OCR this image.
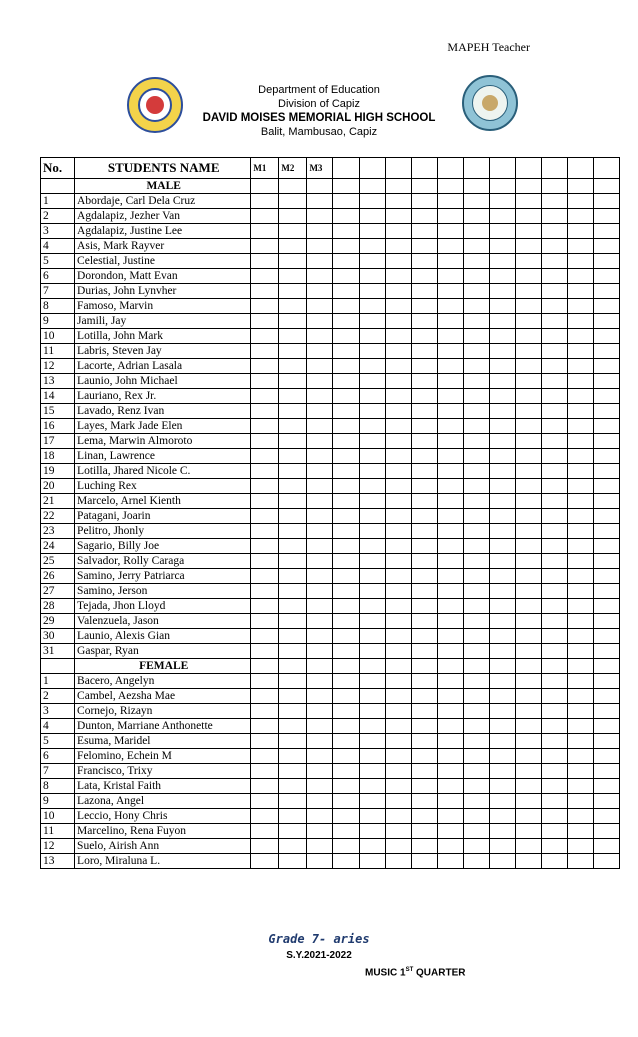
MAPEH Teacher
Department of Education
Division of Capiz
DAVID MOISES MEMORIAL HIGH SCHOOL
Balit, Mambusao, Capiz
No.	STUDENTS NAME	M1	M2	M3											
	MALE														
1	Abordaje, Carl Dela Cruz														
2	Agdalapiz, Jezher Van														
3	Agdalapiz, Justine Lee														
4	Asis, Mark Rayver														
5	Celestial, Justine														
6	Dorondon, Matt Evan														
7	Durias, John Lynvher														
8	Famoso, Marvin														
9	Jamili, Jay														
10	Lotilla, John Mark														
11	Labris, Steven Jay														
12	Lacorte, Adrian Lasala														
13	Launio, John Michael														
14	Lauriano, Rex Jr.														
15	Lavado, Renz Ivan														
16	Layes, Mark Jade Elen														
17	Lema, Marwin Almoroto														
18	Linan, Lawrence														
19	Lotilla, Jhared Nicole C.														
20	Luching Rex														
21	Marcelo, Arnel Kienth														
22	Patagani, Joarin														
23	Pelitro, Jhonly														
24	Sagario, Billy Joe														
25	Salvador, Rolly Caraga														
26	Samino, Jerry Patriarca														
27	Samino, Jerson														
28	Tejada, Jhon Lloyd														
29	Valenzuela, Jason														
30	Launio, Alexis Gian														
31	Gaspar, Ryan														
	FEMALE														
1	Bacero, Angelyn														
2	Cambel, Aezsha Mae														
3	Cornejo, Rizayn														
4	Dunton, Marriane Anthonette														
5	Esuma, Maridel														
6	Felomino, Echein M														
7	Francisco, Trixy														
8	Lata, Kristal Faith														
9	Lazona, Angel														
10	Leccio, Hony Chris														
11	Marcelino, Rena Fuyon														
12	Suelo, Airish Ann														
13	Loro, Miraluna L.														
Grade 7- aries
S.Y.2021-2022
MUSIC 1ST QUARTER
